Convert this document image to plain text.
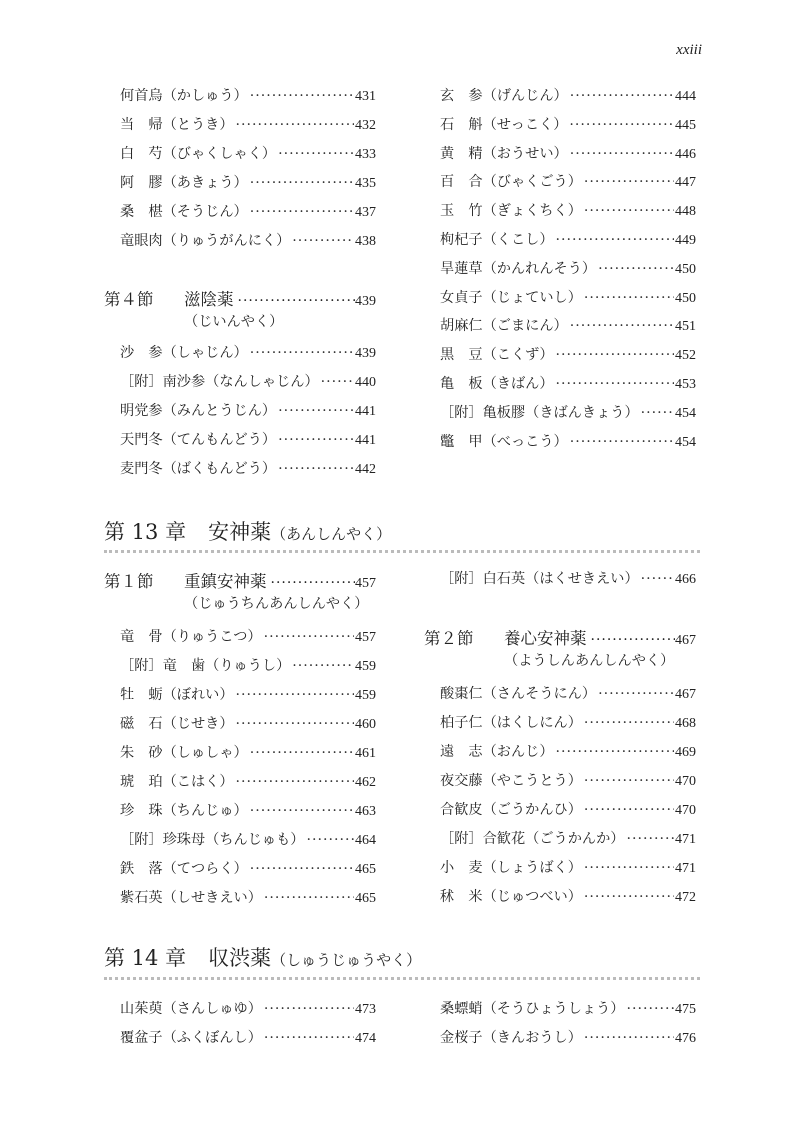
xxiii
何首烏（かしゅう） ·····	431
当　帰（とうき） ·····	432
白　芍（びゃくしゃく） ·····	433
阿　膠（あきょう） ·····	435
桑　椹（そうじん） ·····	437
竜眼肉（りゅうがんにく） ·····	438
第４節	滋陰薬 ·····	439
（じいんやく）
沙　参（しゃじん） ·····	439
［附］南沙参（なんしゃじん） ·····	440
明党参（みんとうじん） ·····	441
天門冬（てんもんどう） ·····	441
麦門冬（ばくもんどう） ·····	442
玄　参（げんじん） ·····	444
石　斛（せっこく） ·····	445
黄　精（おうせい） ·····	446
百　合（びゃくごう） ·····	447
玉　竹（ぎょくちく） ·····	448
枸杞子（くこし） ·····	449
旱蓮草（かんれんそう） ·····	450
女貞子（じょていし） ·····	450
胡麻仁（ごまにん） ·····	451
黒　豆（こくず） ·····	452
亀　板（きばん） ·····	453
［附］亀板膠（きばんきょう） ·····	454
鼈　甲（べっこう） ·····	454
第 13 章 安神薬（あんしんやく）
第１節	重鎮安神薬 ·····	457
（じゅうちんあんしんやく）
竜　骨（りゅうこつ） ·····	457
［附］竜　歯（りゅうし） ·····	459
牡　蛎（ぼれい） ·····	459
磁　石（じせき） ·····	460
朱　砂（しゅしゃ） ·····	461
琥　珀（こはく） ·····	462
珍　珠（ちんじゅ） ·····	463
［附］珍珠母（ちんじゅも） ·····	464
鉄　落（てつらく） ·····	465
紫石英（しせきえい） ·····	465
［附］白石英（はくせきえい） ·····	466
第２節	養心安神薬 ·····	467
（ようしんあんしんやく）
酸棗仁（さんそうにん） ·····	467
柏子仁（はくしにん） ·····	468
遠　志（おんじ） ·····	469
夜交藤（やこうとう） ·····	470
合歓皮（ごうかんひ） ·····	470
［附］合歓花（ごうかんか） ·····	471
小　麦（しょうばく） ·····	471
秫　米（じゅつべい） ·····	472
第 14 章 収渋薬（しゅうじゅうやく）
山茱萸（さんしゅゆ） ·····	473
覆盆子（ふくぼんし） ·····	474
桑螵蛸（そうひょうしょう） ·····	475
金桜子（きんおうし） ·····	476
